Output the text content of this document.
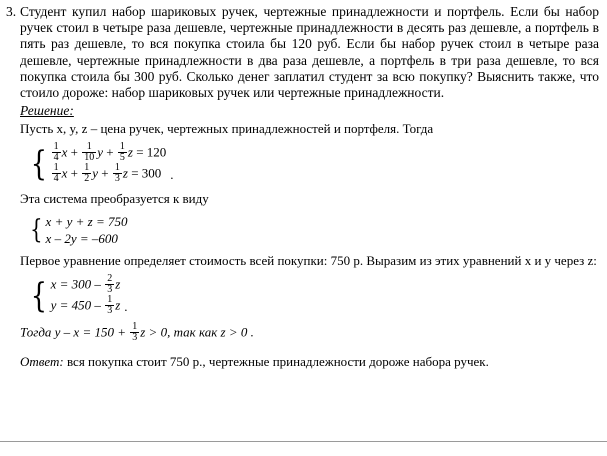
3. Студент купил набор шариковых ручек, чертежные принадлежности и портфель. Если бы набор ручек стоил в четыре раза дешевле, чертежные принадлежности в десять раз дешевле, а портфель в пять раз дешевле, то вся покупка стоила бы 120 руб. Если бы набор ручек стоил в четыре раза дешевле, чертежные принадлежности в два раза дешевле, а портфель в три раза дешевле, то вся покупка стоила бы 300 руб. Сколько денег заплатил студент за всю покупку? Выяснить также, что стоило дороже: набор шариковых ручек или чертежные принадлежности.
Решение:
Пусть x, y, z – цена ручек, чертежных принадлежностей и портфеля. Тогда
{ $\frac{1}{4}$ $x + \frac{1}{10}$ $y + \frac{1}{5}$ z = 120
$\frac{1}{4}$ $x + \frac{1}{2}$ $y + \frac{1}{3}$ z = 300 .
Эта система преобразуется к виду
{ x + y + z = 750
x – 2y = –600
Первое уравнение определяет стоимость всей покупки: 750 р. Выразим из этих уравнений x и y через z:
{ $x = 300 - \frac{2}{3}$ z
$y = 450 - \frac{1}{3}$ z .
Тогда $y - x = 150 + \frac{1}{3}$ z > 0, так как z > 0 .
Ответ: вся покупка стоит 750 р., чертежные принадлежности дороже набора ручек.
